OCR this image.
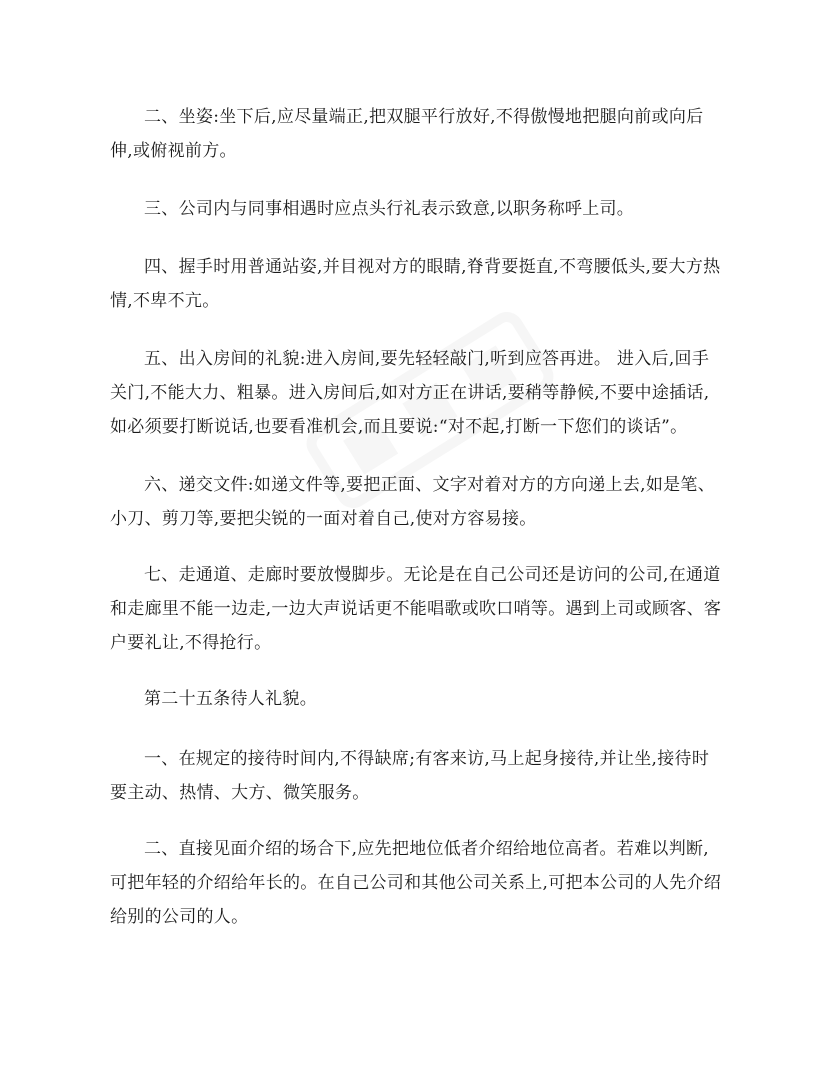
二、坐姿:坐下后,应尽量端正,把双腿平行放好,不得傲慢地把腿向前或向后伸,或俯视前方。

三、公司内与同事相遇时应点头行礼表示致意,以职务称呼上司。

四、握手时用普通站姿,并目视对方的眼睛,脊背要挺直,不弯腰低头,要大方热情,不卑不亢。

五、出入房间的礼貌:进入房间,要先轻轻敲门,听到应答再进。 进入后,回手关门,不能大力、粗暴。进入房间后,如对方正在讲话,要稍等静候,不要中途插话,如必须要打断说话,也要看准机会,而且要说:“对不起,打断一下您们的谈话”。

六、递交文件:如递文件等,要把正面、文字对着对方的方向递上去,如是笔、小刀、剪刀等,要把尖锐的一面对着自己,使对方容易接。

七、走通道、走廊时要放慢脚步。无论是在自己公司还是访问的公司,在通道和走廊里不能一边走,一边大声说话更不能唱歌或吹口哨等。遇到上司或顾客、客户要礼让,不得抢行。

第二十五条待人礼貌。

一、在规定的接待时间内,不得缺席;有客来访,马上起身接待,并让坐,接待时要主动、热情、大方、微笑服务。

二、直接见面介绍的场合下,应先把地位低者介绍给地位高者。若难以判断,可把年轻的介绍给年长的。在自己公司和其他公司关系上,可把本公司的人先介绍给别的公司的人。
